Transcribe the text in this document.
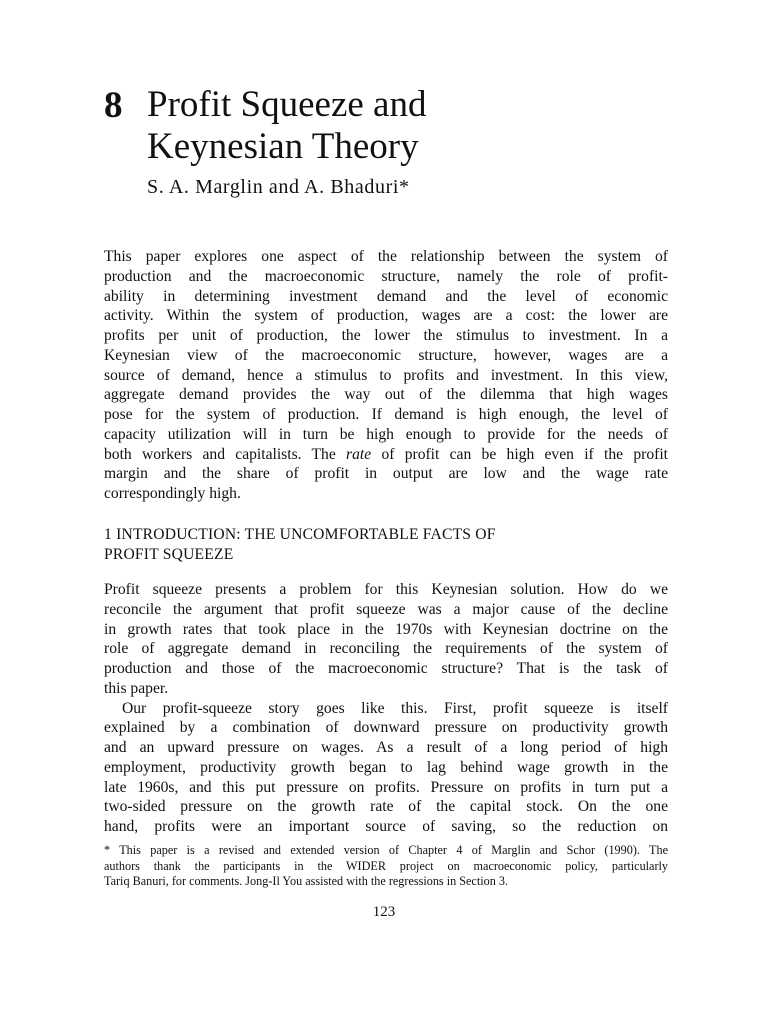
8 Profit Squeeze and
Keynesian Theory
S. A. Marglin and A. Bhaduri*
This paper explores one aspect of the relationship between the system of
production and the macroeconomic structure, namely the role of profit-
ability in determining investment demand and the level of economic
activity. Within the system of production, wages are a cost: the lower are
profits per unit of production, the lower the stimulus to investment. In a
Keynesian view of the macroeconomic structure, however, wages are a
source of demand, hence a stimulus to profits and investment. In this view,
aggregate demand provides the way out of the dilemma that high wages
pose for the system of production. If demand is high enough, the level of
capacity utilization will in turn be high enough to provide for the needs of
both workers and capitalists. The rate of profit can be high even if the profit
margin and the share of profit in output are low and the wage rate
correspondingly high.
1 INTRODUCTION: THE UNCOMFORTABLE FACTS OF
PROFIT SQUEEZE
Profit squeeze presents a problem for this Keynesian solution. How do we
reconcile the argument that profit squeeze was a major cause of the decline
in growth rates that took place in the 1970s with Keynesian doctrine on the
role of aggregate demand in reconciling the requirements of the system of
production and those of the macroeconomic structure? That is the task of
this paper.
Our profit-squeeze story goes like this. First, profit squeeze is itself
explained by a combination of downward pressure on productivity growth
and an upward pressure on wages. As a result of a long period of high
employment, productivity growth began to lag behind wage growth in the
late 1960s, and this put pressure on profits. Pressure on profits in turn put a
two-sided pressure on the growth rate of the capital stock. On the one
hand, profits were an important source of saving, so the reduction on
* This paper is a revised and extended version of Chapter 4 of Marglin and Schor (1990). The
authors thank the participants in the WIDER project on macroeconomic policy, particularly
Tariq Banuri, for comments. Jong-Il You assisted with the regressions in Section 3.
123
